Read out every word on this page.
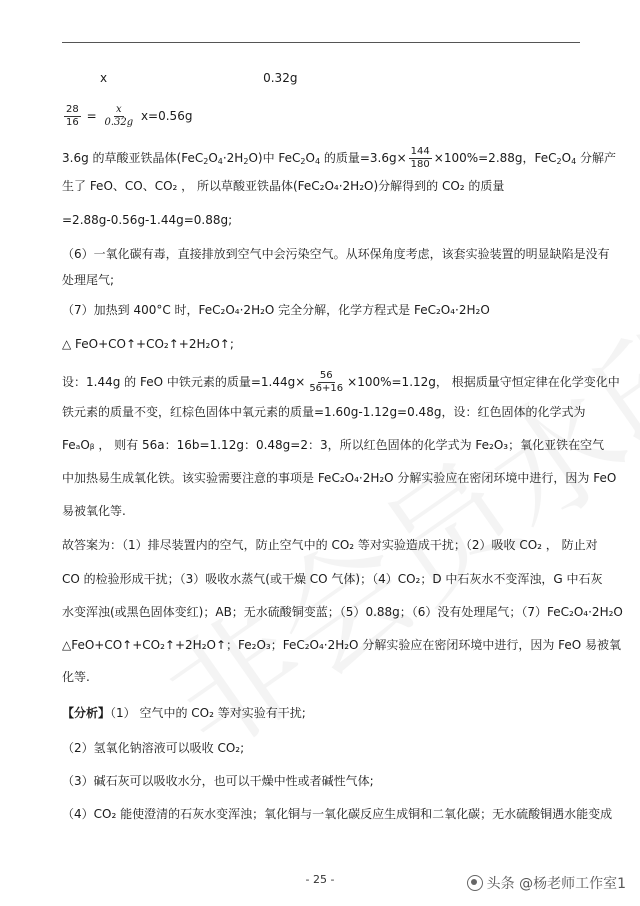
x	0.32g
$\frac{28}{16} = \frac{x}{0.32g} x=0.56g$
3.6g 的草酸亚铁晶体$(FeC_2O_4\cdot 2H_2O)$中 $FeC_2O_4$ 的质量$=3.6g\times \frac{144}{180} \times 100\%=2.88g$，$FeC_2O_4$ 分解产
生了 FeO、CO、CO₂ ， 所以草酸亚铁晶体(FeC₂O₄·2H₂O)分解得到的 CO₂ 的质量
=2.88g-0.56g-1.44g=0.88g;
（6）一氧化碳有毒，直接排放到空气中会污染空气。从环保角度考虑，该套实验装置的明显缺陷是没有
处理尾气;
（7）加热到 400°C 时，FeC₂O₄·2H₂O 完全分解，化学方程式是 FeC₂O₄·2H₂O
△ FeO+CO↑+CO₂↑+2H₂O↑;
设：1.44g 的 FeO 中铁元素的质量$=1.44g\times \frac{56}{56+16} \times 100\%=1.12g$， 根据质量守恒定律在化学变化中
铁元素的质量不变，红棕色固体中氧元素的质量=1.60g-1.12g=0.48g，设：红色固体的化学式为
FeₐOᵦ ， 则有 56a：16b=1.12g：0.48g=2：3，所以红色固体的化学式为 Fe₂O₃；氧化亚铁在空气
中加热易生成氧化铁。该实验需要注意的事项是 FeC₂O₄·2H₂O 分解实验应在密闭环境中进行，因为 FeO
易被氧化等.
故答案为：（1）排尽装置内的空气，防止空气中的 CO₂ 等对实验造成干扰；（2）吸收 CO₂ ， 防止对
CO 的检验形成干扰；（3）吸收水蒸气(或干燥 CO 气体)；（4）CO₂；D 中石灰水不变浑浊，G 中石灰
水变浑浊(或黑色固体变红)；AB；无水硫酸铜变蓝；（5）0.88g；（6）没有处理尾气；（7）FeC₂O₄·2H₂O
△FeO+CO↑+CO₂↑+2H₂O↑；Fe₂O₃；FeC₂O₄·2H₂O 分解实验应在密闭环境中进行，因为 FeO 易被氧
化等.
【分析】（1） 空气中的 CO₂ 等对实验有干扰;
（2）氢氧化钠溶液可以吸收 CO₂;
（3）碱石灰可以吸收水分，也可以干燥中性或者碱性气体;
（4）CO₂ 能使澄清的石灰水变浑浊；氧化铜与一氧化碳反应生成铜和二氧化碳；无水硫酸铜遇水能变成
- 25 -	头条 @杨老师工作室1
